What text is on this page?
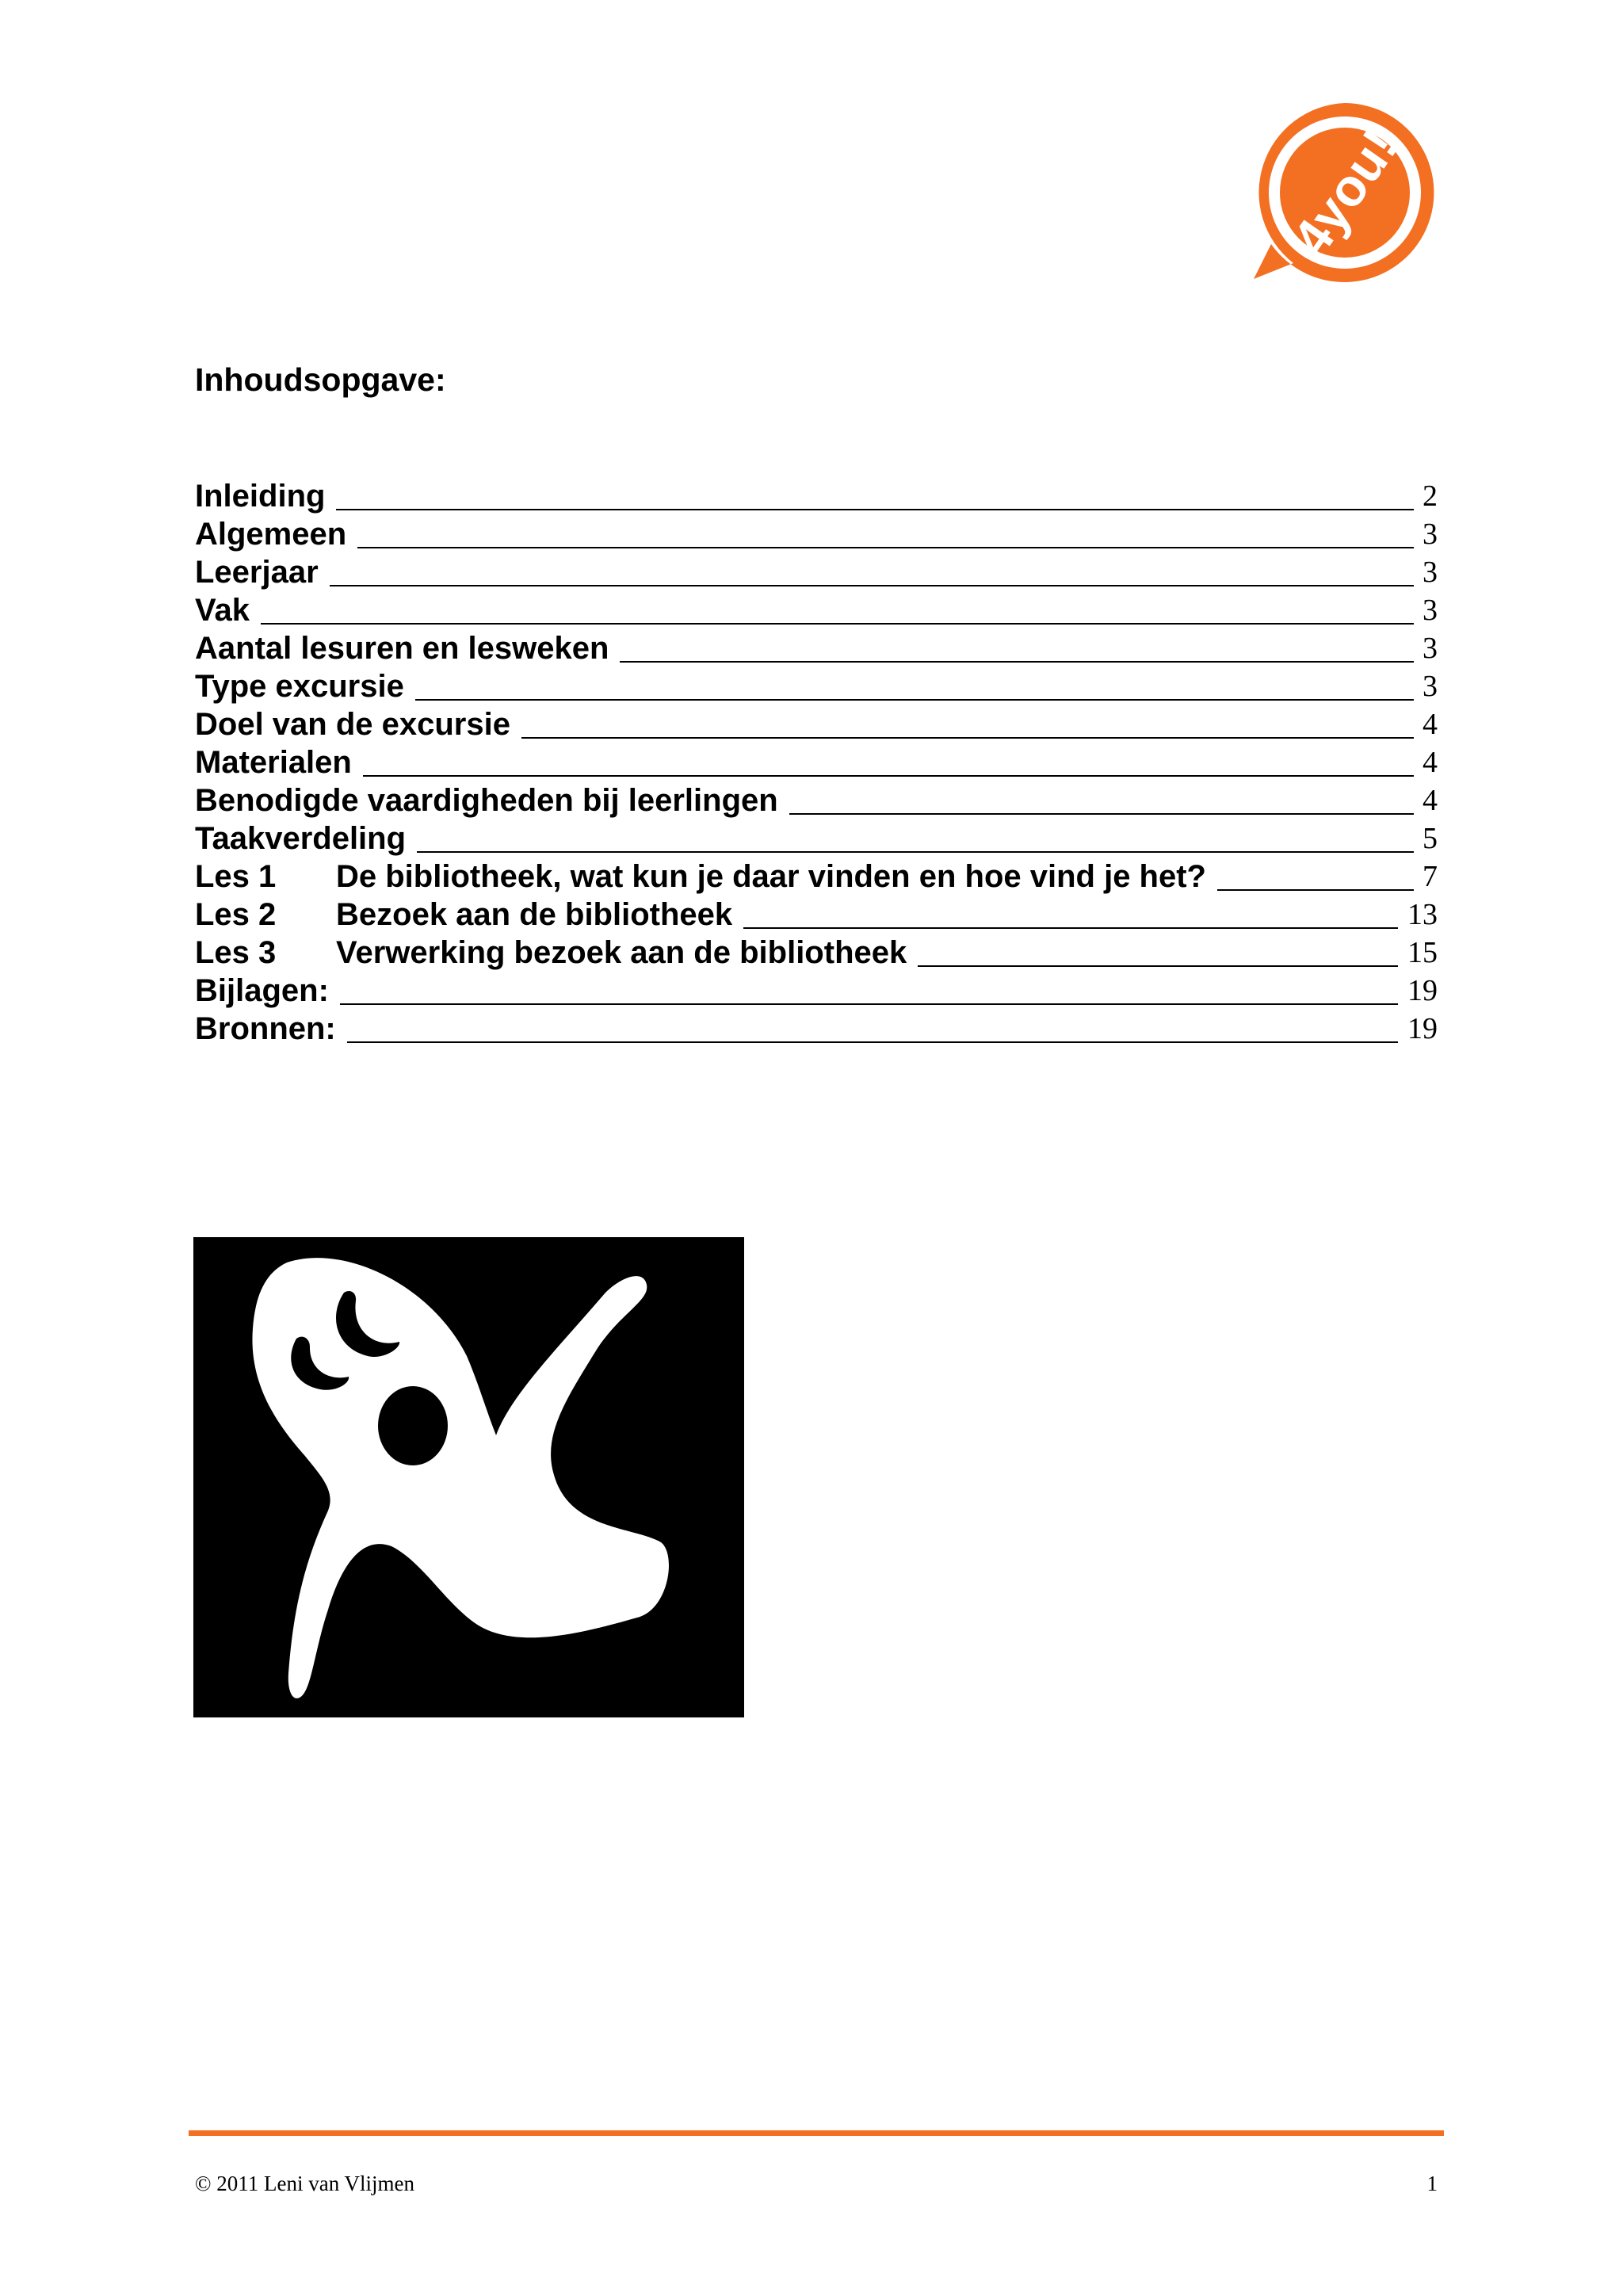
4you!
Inhoudsopgave:
Inleiding	2
Algemeen	3
Leerjaar	3
Vak	3
Aantal lesuren en lesweken	3
Type excursie	3
Doel van de excursie	4
Materialen	4
Benodigde vaardigheden bij leerlingen	4
Taakverdeling	5
Les 1 De bibliotheek, wat kun je daar vinden en hoe vind je het?	7
Les 2 Bezoek aan de bibliotheek	13
Les 3 Verwerking bezoek aan de bibliotheek	15
Bijlagen:	19
Bronnen:	19
© 2011 Leni van Vlijmen	1
